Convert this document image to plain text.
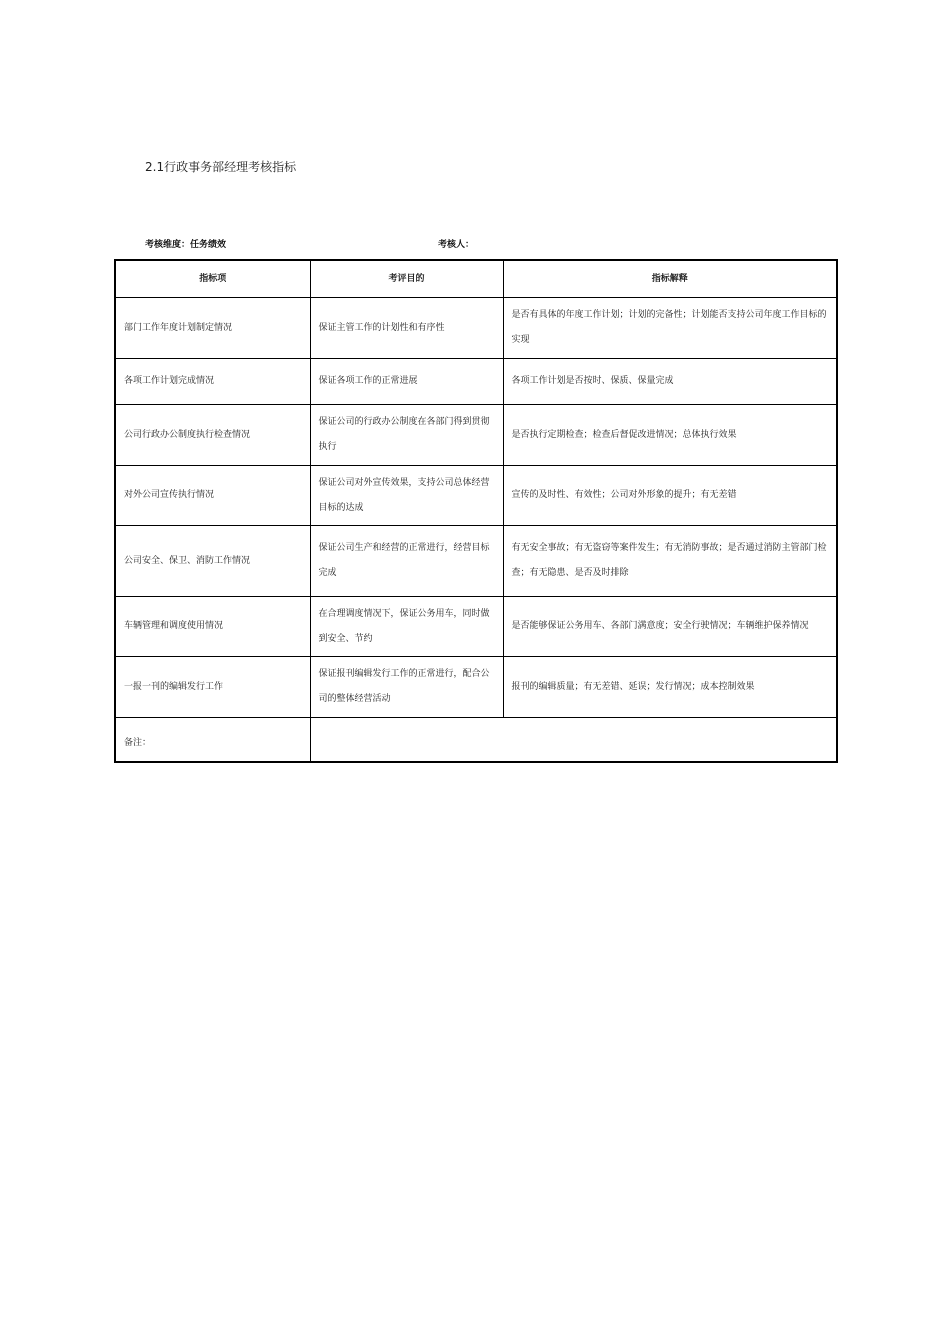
2.1行政事务部经理考核指标
考核维度：任务绩效	考核人：
指标项	考评目的	指标解释
部门工作年度计划制定情况	保证主管工作的计划性和有序性	是否有具体的年度工作计划；计划的完备性；计划能否支持公司年度工作目标的实现
各项工作计划完成情况	保证各项工作的正常进展	各项工作计划是否按时、保质、保量完成
公司行政办公制度执行检查情况	保证公司的行政办公制度在各部门得到贯彻执行	是否执行定期检查；检查后督促改进情况；总体执行效果
对外公司宣传执行情况	保证公司对外宣传效果，支持公司总体经营目标的达成	宣传的及时性、有效性；公司对外形象的提升；有无差错
公司安全、保卫、消防工作情况	保证公司生产和经营的正常进行，经营目标完成	有无安全事故；有无盗窃等案件发生；有无消防事故；是否通过消防主管部门检查；有无隐患、是否及时排除
车辆管理和调度使用情况	在合理调度情况下，保证公务用车，同时做到安全、节约	是否能够保证公务用车、各部门满意度；安全行驶情况；车辆维护保养情况
一报一刊的编辑发行工作	保证报刊编辑发行工作的正常进行，配合公司的整体经营活动	报刊的编辑质量；有无差错、延误；发行情况；成本控制效果
备注：		
